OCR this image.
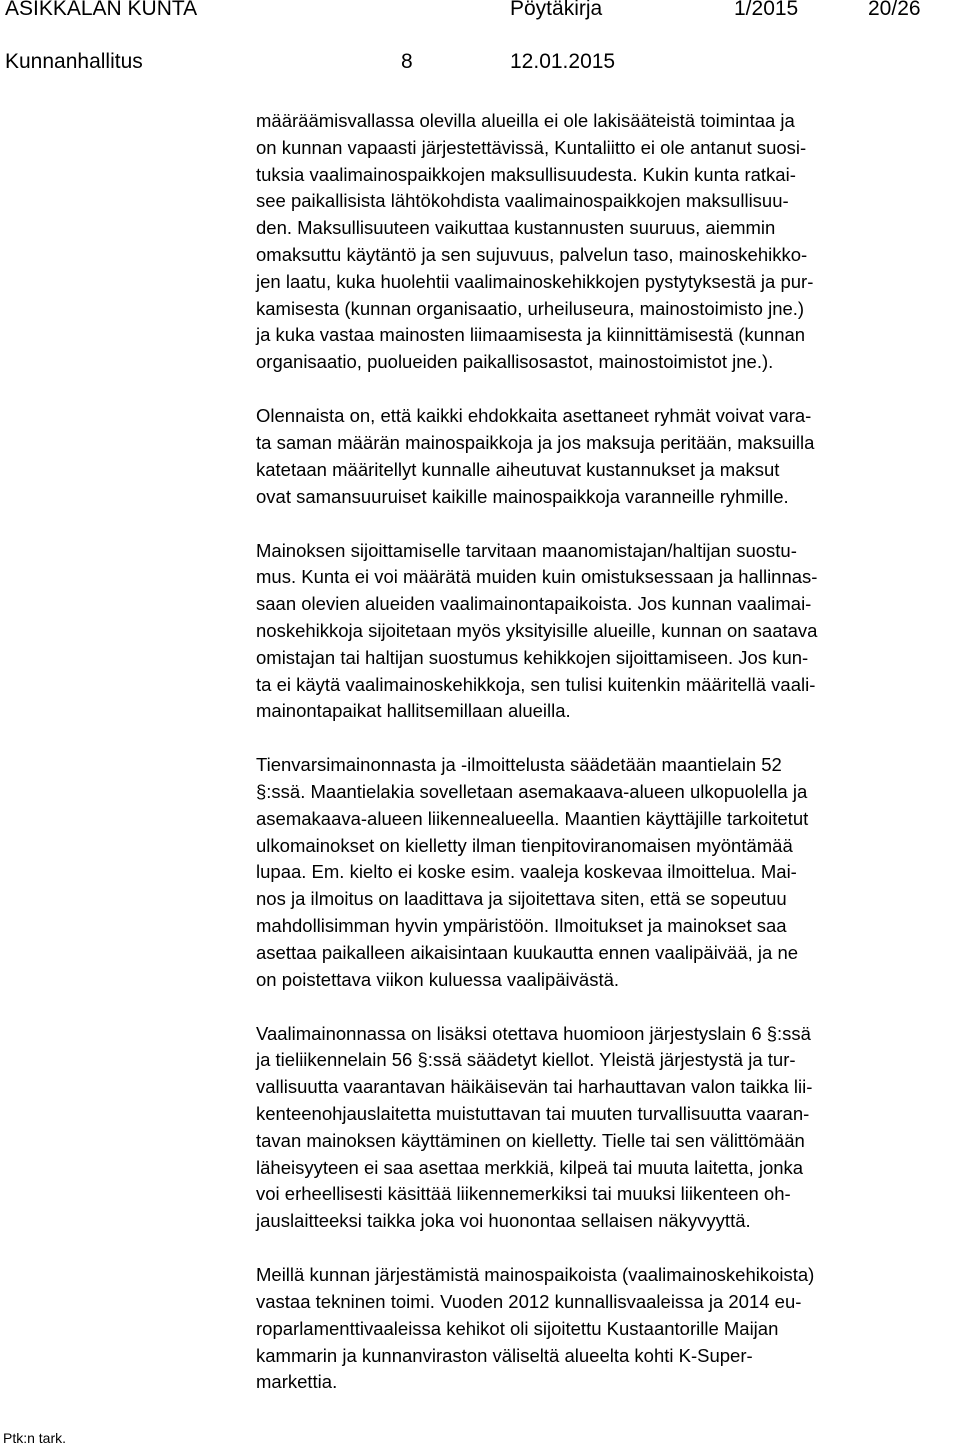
ASIKKALAN KUNTA	Pöytäkirja	1/2015	20/26
Kunnanhallitus	8	12.01.2015
määräämisvallassa olevilla alueilla ei ole lakisääteistä toimintaa ja
on kunnan vapaasti järjestettävissä, Kuntaliitto ei ole antanut suosi-
tuksia vaalimainospaikkojen maksullisuudesta. Kukin kunta ratkai-
see paikallisista lähtökohdista vaalimainospaikkojen maksullisuu-
den. Maksullisuuteen vaikuttaa kustannusten suuruus, aiemmin
omaksuttu käytäntö ja sen sujuvuus, palvelun taso, mainoskehikko-
jen laatu, kuka huolehtii vaalimainoskehikkojen pystytyksestä ja pur-
kamisesta (kunnan organisaatio, urheiluseura, mainostoimisto jne.)
ja kuka vastaa mainosten liimaamisesta ja kiinnittämisestä (kunnan
organisaatio, puolueiden paikallisosastot, mainostoimistot jne.).
Olennaista on, että kaikki ehdokkaita asettaneet ryhmät voivat vara-
ta saman määrän mainospaikkoja ja jos maksuja peritään, maksuilla
katetaan määritellyt kunnalle aiheutuvat kustannukset ja maksut
ovat samansuuruiset kaikille mainospaikkoja varanneille ryhmille.
Mainoksen sijoittamiselle tarvitaan maanomistajan/haltijan suostu-
mus. Kunta ei voi määrätä muiden kuin omistuksessaan ja hallinnas-
saan olevien alueiden vaalimainontapaikoista. Jos kunnan vaalimai-
noskehikkoja sijoitetaan myös yksityisille alueille, kunnan on saatava
omistajan tai haltijan suostumus kehikkojen sijoittamiseen. Jos kun-
ta ei käytä vaalimainoskehikkoja, sen tulisi kuitenkin määritellä vaali-
mainontapaikat hallitsemillaan alueilla.
Tienvarsimainonnasta ja -ilmoittelusta säädetään maantielain 52
§:ssä. Maantielakia sovelletaan asemakaava-alueen ulkopuolella ja
asemakaava-alueen liikennealueella. Maantien käyttäjille tarkoitetut
ulkomainokset on kielletty ilman tienpitoviranomaisen myöntämää
lupaa. Em. kielto ei koske esim. vaaleja koskevaa ilmoittelua. Mai-
nos ja ilmoitus on laadittava ja sijoitettava siten, että se sopeutuu
mahdollisimman hyvin ympäristöön. Ilmoitukset ja mainokset saa
asettaa paikalleen aikaisintaan kuukautta ennen vaalipäivää, ja ne
on poistettava viikon kuluessa vaalipäivästä.
Vaalimainonnassa on lisäksi otettava huomioon järjestyslain 6 §:ssä
ja tieliikennelain 56 §:ssä säädetyt kiellot. Yleistä järjestystä ja tur-
vallisuutta vaarantavan häikäisevän tai harhauttavan valon taikka lii-
kenteenohjauslaitetta muistuttavan tai muuten turvallisuutta vaaran-
tavan mainoksen käyttäminen on kielletty. Tielle tai sen välittömään
läheisyyteen ei saa asettaa merkkiä, kilpeä tai muuta laitetta, jonka
voi erheellisesti käsittää liikennemerkiksi tai muuksi liikenteen oh-
jauslaitteeksi taikka joka voi huonontaa sellaisen näkyvyyttä.
Meillä kunnan järjestämistä mainospaikoista (vaalimainoskehikoista)
vastaa tekninen toimi. Vuoden 2012 kunnallisvaaleissa ja 2014 eu-
roparlamenttivaaleissa kehikot oli sijoitettu Kustaantorille Maijan
kammarin ja kunnanviraston väliseltä alueelta kohti K-Super-
markettia.
Ptk:n tark.
